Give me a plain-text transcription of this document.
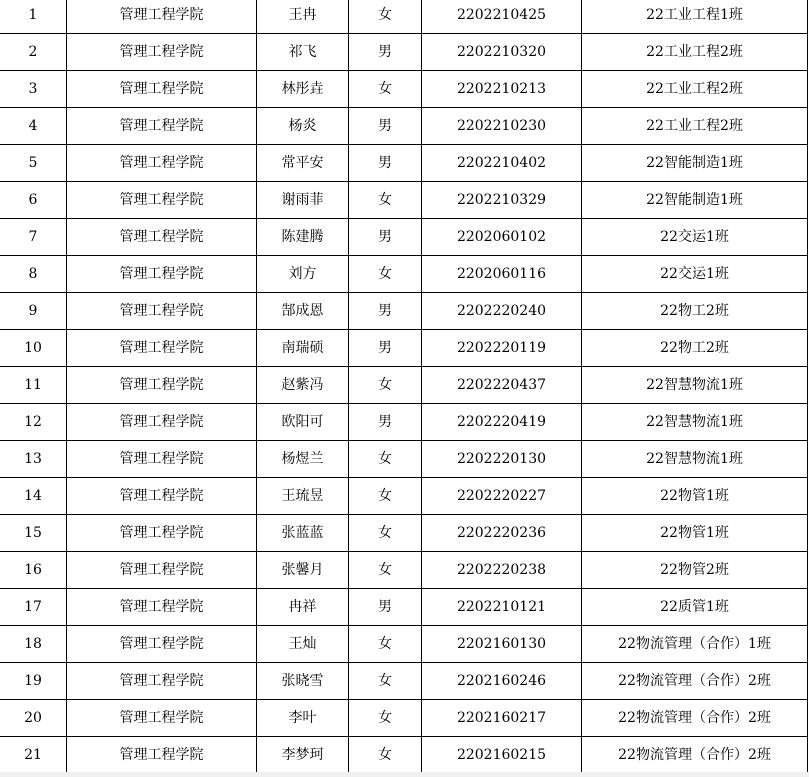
1	管理工程学院	王冉	女	2202210425	22工业工程1班
2	管理工程学院	祁飞	男	2202210320	22工业工程2班
3	管理工程学院	林彤垚	女	2202210213	22工业工程2班
4	管理工程学院	杨炎	男	2202210230	22工业工程2班
5	管理工程学院	常平安	男	2202210402	22智能制造1班
6	管理工程学院	谢雨菲	女	2202210329	22智能制造1班
7	管理工程学院	陈建腾	男	2202060102	22交运1班
8	管理工程学院	刘方	女	2202060116	22交运1班
9	管理工程学院	郜成恩	男	2202220240	22物工2班
10	管理工程学院	南瑞硕	男	2202220119	22物工2班
11	管理工程学院	赵紫冯	女	2202220437	22智慧物流1班
12	管理工程学院	欧阳可	男	2202220419	22智慧物流1班
13	管理工程学院	杨煜兰	女	2202220130	22智慧物流1班
14	管理工程学院	王琉昱	女	2202220227	22物管1班
15	管理工程学院	张蓝蓝	女	2202220236	22物管1班
16	管理工程学院	张馨月	女	2202220238	22物管2班
17	管理工程学院	冉祥	男	2202210121	22质管1班
18	管理工程学院	王灿	女	2202160130	22物流管理（合作）1班
19	管理工程学院	张晓雪	女	2202160246	22物流管理（合作）2班
20	管理工程学院	李叶	女	2202160217	22物流管理（合作）2班
21	管理工程学院	李梦珂	女	2202160215	22物流管理（合作）2班
